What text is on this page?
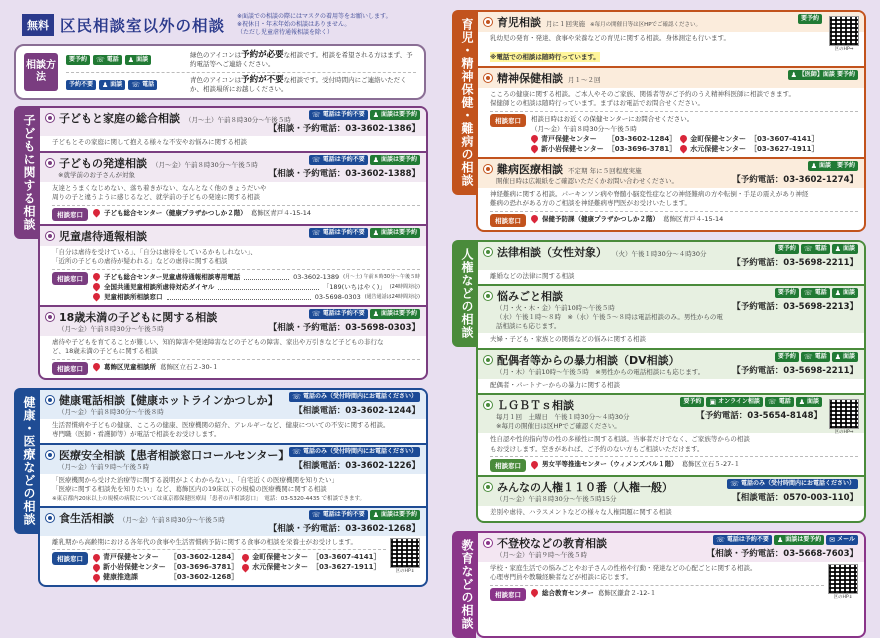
無料 区民相談室以外の相談
※面談での相談の際にはマスクの着用等をお願いします。
※祝休日・年末年始の相談はありません。
（ただし児童虐待通報相談を除く）
相談方法
要予約 ☏ 電話 ♟ 面談
緑色のアイコンは予約が必要な相談です。相談を希望される方はまず、予約電話等へご連絡ください。
予約不要 ♟ 面談 ☏ 電話
青色のアイコンは予約が不要な相談です。受付時間内にご連絡いただくか、相談場所にお越しください。
子どもに関する相談 子どもと家庭の総合相談 （月〜土）午前８時30分〜午後５時
☏ 電話は予約不要 ♟ 面談は要予約
【相談・予約電話：03-3602-1386】
子どもとその家庭に関して抱える様々な不安やお悩みに関する相談
子どもの発達相談 （月〜金）午前８時30分〜午後５時
※就学前のお子さんが対象
☏ 電話は予約不要 ♟ 面談は要予約
【相談・予約電話：03-3602-1388】
友達とうまくなじめない、落ち着きがない、なんとなく他のきょうだいや
周りの子と違うように感じるなど、就学前の子どもの発達に関する相談
相談窓口	子ども総合センター（健康プラザかつしか２階） 葛飾区青戸４-15-14
児童虐待通報相談	☏ 電話は予約不要 ♟ 面談は要予約
「自分は虐待を受けている」、「自分は虐待をしているかもしれない」、
「近所の子どもの虐待が疑われる」などの虐待に関する相談
相談窓口	子ども総合センター児童虐待通報相談専用電話	03-3602-1389 (月〜土) 午前８時30分〜午後５時
全国共通児童相談所虐待対応ダイヤル	「189(いちはやく)」 (24時間対応)
児童相談所相談窓口	03-5698-0303 (通告通話は24時間対応)
18歳未満の子どもに関する相談
（月〜金）午前８時30分〜午後５時
☏ 電話は予約不要 ♟ 面談は要予約
【相談・予約電話：03-5698-0303】
虐待や子どもを育てることが難しい、知的障害や発達障害などの子どもの障害、家出や万引きなど子どもの非行な
ど、18歳未満の子どもに関する相談
相談窓口	葛飾区児童相談所 葛飾区立石２-30-１
健康・医療などの相談 健康電話相談【健康ホットラインかつしか】
（月〜金）午前８時30分〜午後８時
☏ 電話のみ（受付時間内にお電話ください）
【相談電話：03-3602-1244】
生活習慣病や子どもの健康、こころの健康、医療機関の紹介、アレルギーなど、健康についての不安に関する相談。
専門職（医師・看護師等）が電話で相談をお受けします。
医療安全相談【患者相談窓口コールセンター】
（月〜金）午前９時〜午後５時
☏ 電話のみ（受付時間内にお電話ください）
【相談電話：03-3602-1226】
「医療機関から受けた治療等に関する説明がよくわからない」、「自宅近くの医療機関を知りたい」
「医療に関する相談先を知りたい」など、葛飾区内の19床以下の規模の医療機関に関する相談
※東京都内20床以上の規模の病院については東京都保健医療局「患者の声相談窓口」　電話：03-5320-4435 で相談できます。
食生活相談 （月〜金）午前８時30分〜午後５時
☏ 電話は予約不要 ♟ 面談は要予約
【相談・予約電話：03-3602-1268】
離乳期から高齢期における各年代の食事や生活習慣病予防に関する食事の相談を栄養士がお受けします。
相談窓口	青戸保健センター ［03-3602-1284］ 金町保健センター ［03-3607-4141］
新小岩保健センター ［03-3696-3781］ 水元保健センター ［03-3627-1911］
健康推進課	［03-3602-1268］
区のHP⇓
育児・精神保健・難病の相談 育児相談 月に１回実施 ※毎月の開催日等は区HPでご確認ください。
要予約
区のHP⇒
乳幼児の発育・発達、食事や栄養などの育児に関する相談。身体測定も行います。
※電話での相談は随時行っています。
精神保健相談 月１〜２回
♟ 【医師】面談 要予約
こころの健康に関する相談。ご本人やそのご家族、関係者等がご予約のうえ精神科医師に相談できます。
保健師との相談は随時行っています。まずはお電話でお問合せください。
相談窓口	相談日時はお近くの保健センターにお問合せください。
（月〜金）午前８時30分〜午後５時
青戸保健センター ［03-3602-1284］ 金町保健センター ［03-3607-4141］
新小岩保健センター ［03-3696-3781］ 水元保健センター ［03-3627-1911］
難病医療相談 不定期 年に５回程度実施
開催日時は広報紙をご確認いただくかお問い合わせください。
♟ 面談　要予約
【予約電話：03-3602-1274】
神経難病に関する相談。パーキンソン病や脊髄小脳変性症などの神経難病の方や転倒・手足の震えがあり神経
難病の恐れがある方のご相談を神経難病専門医がお受けいたします。
相談窓口	保健予防課（健康プラザかつしか２階） 葛飾区青戸４-15-14
人権などの相談 法律相談（女性対象） （火）午後１時30分〜４時30分
要予約 ☏ 電話 ♟ 面談
【予約電話：03-5698-2211】
離婚などの法律に関する相談
悩みごと相談
（月・火・木・金）午前10時〜午後５時
（水）午後１時〜８時　※（水）午後５〜８時は電話相談のみ。男性からの電話相談にも応じます。
要予約 ☏ 電話 ♟ 面談
【予約電話：03-5698-2213】
夫婦・子ども・家族との関係などの悩みに関する相談
配偶者等からの暴力相談（DV相談）
（月・木）午前10時〜午後５時　※男性からの電話相談にも応じます。
要予約 ☏ 電話 ♟ 面談
【予約電話：03-5698-2211】
配偶者・パートナーからの暴力に関する相談
ＬＧＢＴｓ相談
毎月１回　土曜日　午後１時30分〜４時30分
※毎月の開催日は区HPでご確認ください。
要予約 ▣ オンライン相談 ☏ 電話 ♟ 面談
【予約電話：03-5654-8148】
区のHP⇒
性自認や性的指向等の性の多様性に関する相談。当事者だけでなく、ご家族等からの相談
もお受けします。空きがあれば、ご予約のない方もご相談いただけます。
相談窓口	男女平等推進センター（ウィメンズパル１階） 葛飾区立石５-27-１
みんなの人権１１０番（人権一般）
（月〜金）午前８時30分〜午後５時15分
☏ 電話のみ（受付時間内にお電話ください）
【相談電話：0570-003-110】
差別や虐待、ハラスメントなどの様々な人権問題に関する相談
教育などの相談 不登校などの教育相談
（月〜金）午前９時〜午後５時
☏ 電話は予約不要 ♟ 面談は要予約 ✉ メール
【相談・予約電話：03-5668-7603】
学校・家庭生活での悩みごとやお子さんの性格や行動・発達などの心配ごとに関する相談。
心理専門員や教職経験者などが相談に応じます。
相談窓口	総合教育センター 葛飾区鎌倉２-12-１
区のHP⇓
